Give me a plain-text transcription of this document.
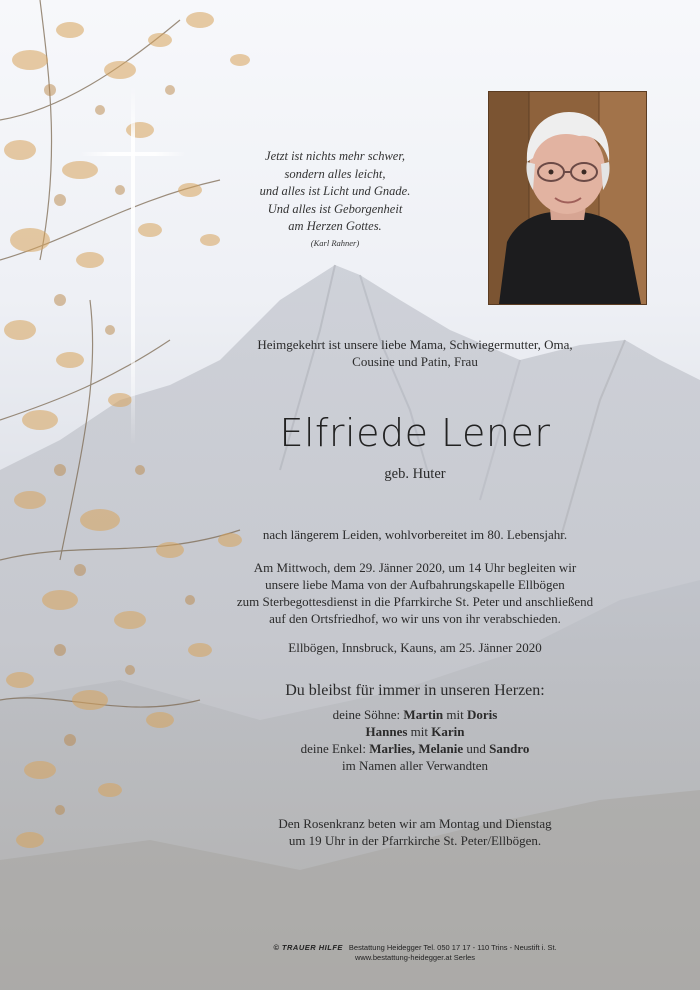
Jetzt ist nichts mehr schwer,
sondern alles leicht,
und alles ist Licht und Gnade.
Und alles ist Geborgenheit
am Herzen Gottes.
(Karl Rahner)
Heimgekehrt ist unsere liebe Mama, Schwiegermutter, Oma,
Cousine und Patin, Frau
Elfriede Lener
geb. Huter
nach längerem Leiden, wohlvorbereitet im 80. Lebensjahr.
Am Mittwoch, dem 29. Jänner 2020, um 14 Uhr begleiten wir
unsere liebe Mama von der Aufbahrungskapelle Ellbögen
zum Sterbegottesdienst in die Pfarrkirche St. Peter und anschließend
auf den Ortsfriedhof, wo wir uns von ihr verabschieden.
Ellbögen, Innsbruck, Kauns, am 25. Jänner 2020
Du bleibst für immer in unseren Herzen:
deine Söhne: Martin mit Doris
Hannes mit Karin
deine Enkel: Marlies, Melanie und Sandro
im Namen aller Verwandten
Den Rosenkranz beten wir am Montag und Dienstag
um 19 Uhr in der Pfarrkirche St. Peter/Ellbögen.
© TRAUER HILFE Bestattung Heidegger Tel. 050 17 17 - 110 Trins - Neustift i. St.
www.bestattung-heidegger.at Serles
